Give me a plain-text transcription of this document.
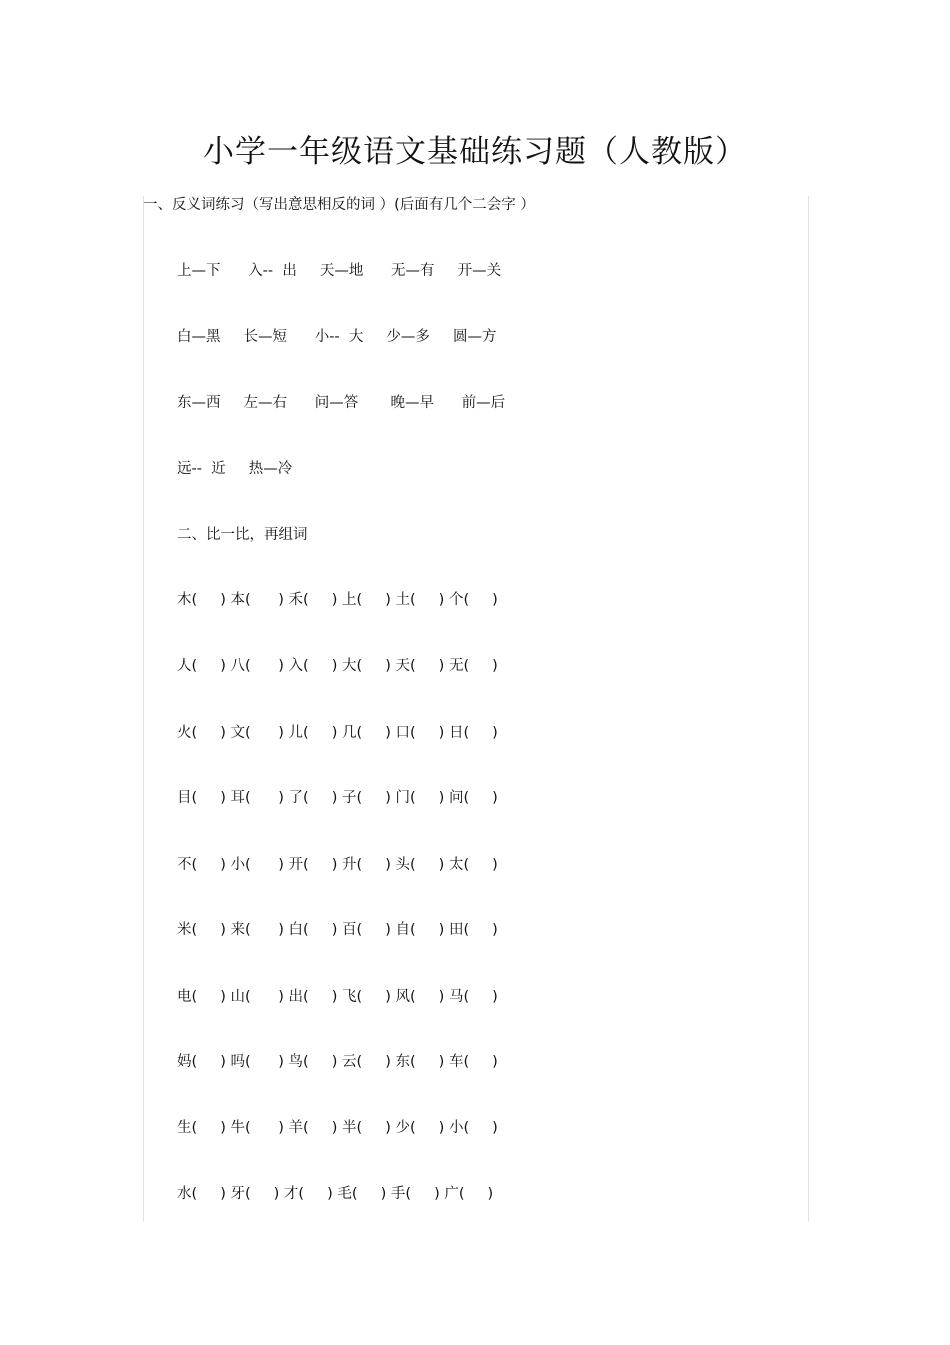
小学一年级语文基础练习题（人教版）
一、反义词练习（写出意思相反的词 ）(后面有几个二会字 ）
上—下      入--  出     天—地      无—有     开—关
白—黑     长—短      小--  大     少—多     圆—方
东—西     左—右      问—答       晚—早      前—后
远--  近     热—冷
二、比一比，再组词
木(     ) 本(      ) 禾(     ) 上(     ) 土(     ) 个(     )
人(     ) 八(      ) 入(     ) 大(     ) 天(     ) 无(     )
火(     ) 文(      ) 儿(     ) 几(     ) 口(     ) 日(     )
目(     ) 耳(      ) 了(     ) 子(     ) 门(     ) 问(     )
不(     ) 小(      ) 开(     ) 升(     ) 头(     ) 太(     )
米(     ) 来(      ) 白(     ) 百(     ) 自(     ) 田(     )
电(     ) 山(      ) 出(     ) 飞(     ) 风(     ) 马(     )
妈(     ) 吗(      ) 鸟(     ) 云(     ) 东(     ) 车(     )
生(     ) 牛(      ) 羊(     ) 半(     ) 少(     ) 小(     )
水(     ) 牙(     ) 才(     ) 毛(     ) 手(     ) 广(     )
